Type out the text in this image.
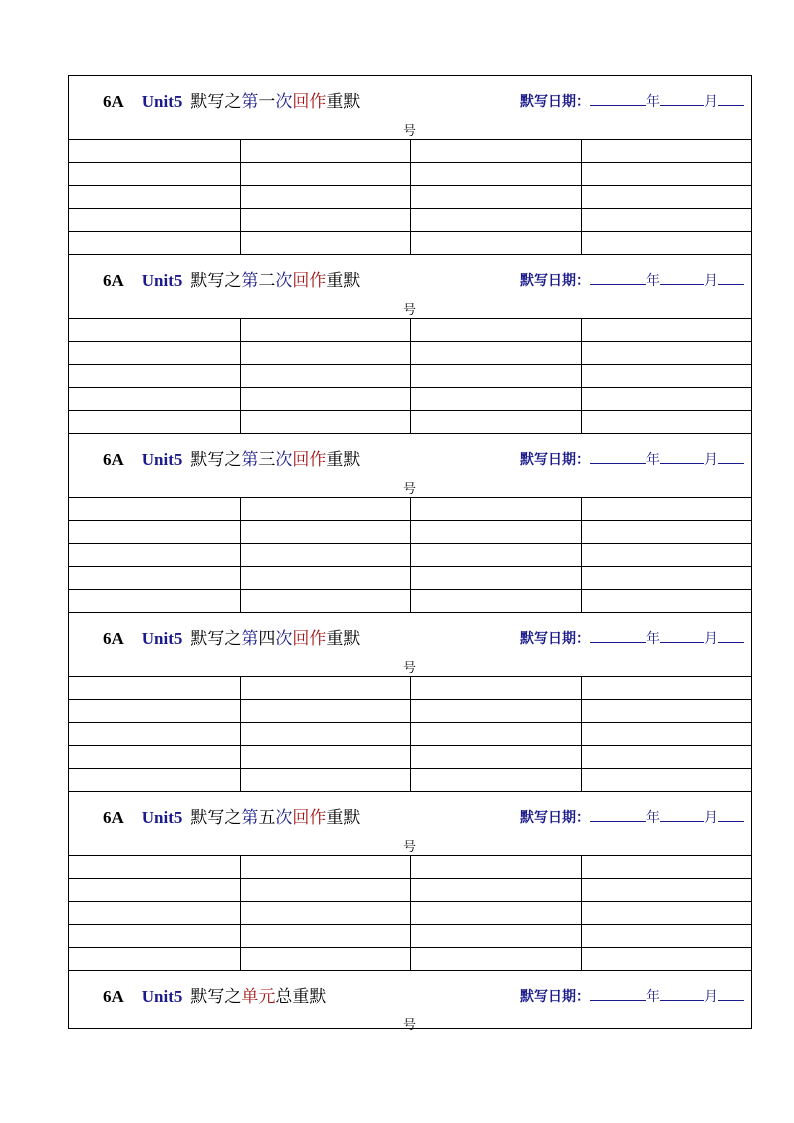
6A Unit5 默写之第一次回作重默	默写日期：	年	月
号
6A Unit5 默写之第二次回作重默	默写日期：	年	月
号
6A Unit5 默写之第三次回作重默	默写日期：	年	月
号
6A Unit5 默写之第四次回作重默	默写日期：	年	月
号
6A Unit5 默写之第五次回作重默	默写日期：	年	月
号
6A Unit5 默写之单元总重默	默写日期：	年	月
号
